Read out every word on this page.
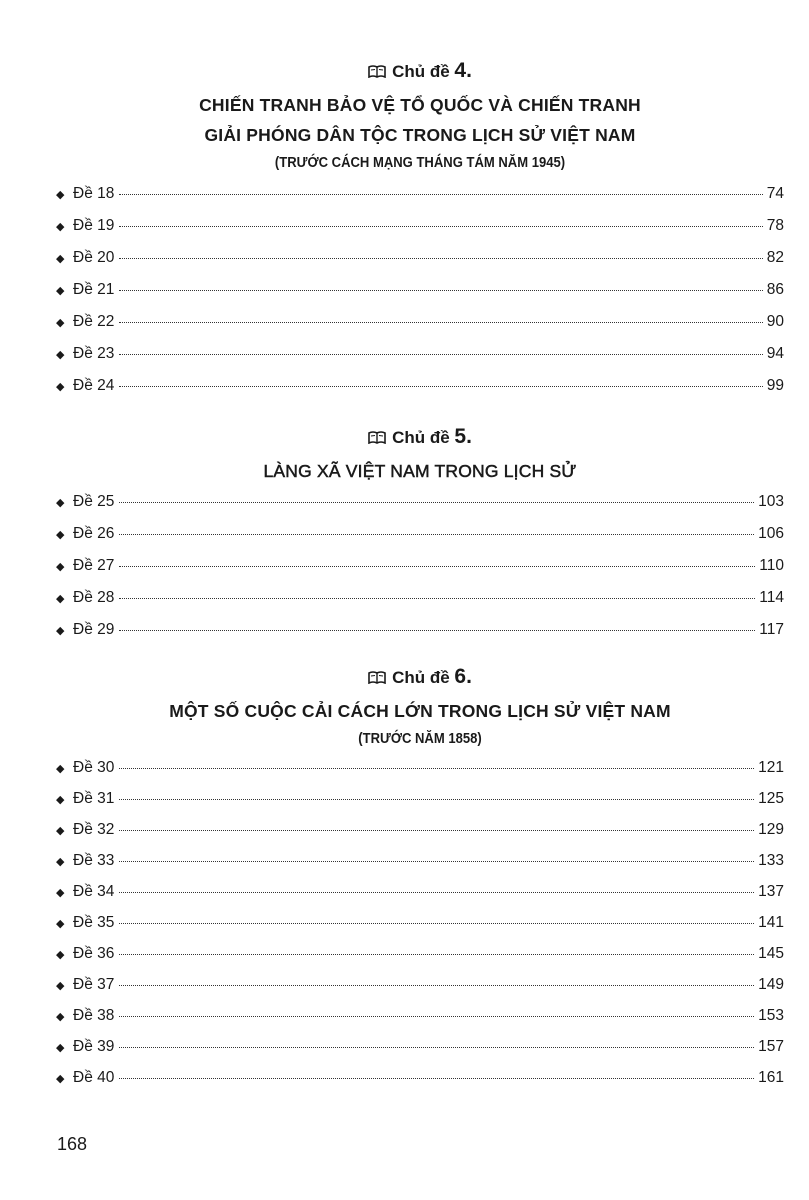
Chủ đề 4.
CHIẾN TRANH BẢO VỆ TỔ QUỐC VÀ CHIẾN TRANH
GIẢI PHÓNG DÂN TỘC TRONG LỊCH SỬ VIỆT NAM
(TRƯỚC CÁCH MẠNG THÁNG TÁM NĂM 1945)
◆ Đề 18	74
◆ Đề 19	78
◆ Đề 20	82
◆ Đề 21	86
◆ Đề 22	90
◆ Đề 23	94
◆ Đề 24	99
Chủ đề 5.
LÀNG XÃ VIỆT NAM TRONG LỊCH SỬ
◆ Đề 25	103
◆ Đề 26	106
◆ Đề 27	110
◆ Đề 28	114
◆ Đề 29	117
Chủ đề 6.
MỘT SỐ CUỘC CẢI CÁCH LỚN TRONG LỊCH SỬ VIỆT NAM
(TRƯỚC NĂM 1858)
◆ Đề 30	121
◆ Đề 31	125
◆ Đề 32	129
◆ Đề 33	133
◆ Đề 34	137
◆ Đề 35	141
◆ Đề 36	145
◆ Đề 37	149
◆ Đề 38	153
◆ Đề 39	157
◆ Đề 40	161
168
